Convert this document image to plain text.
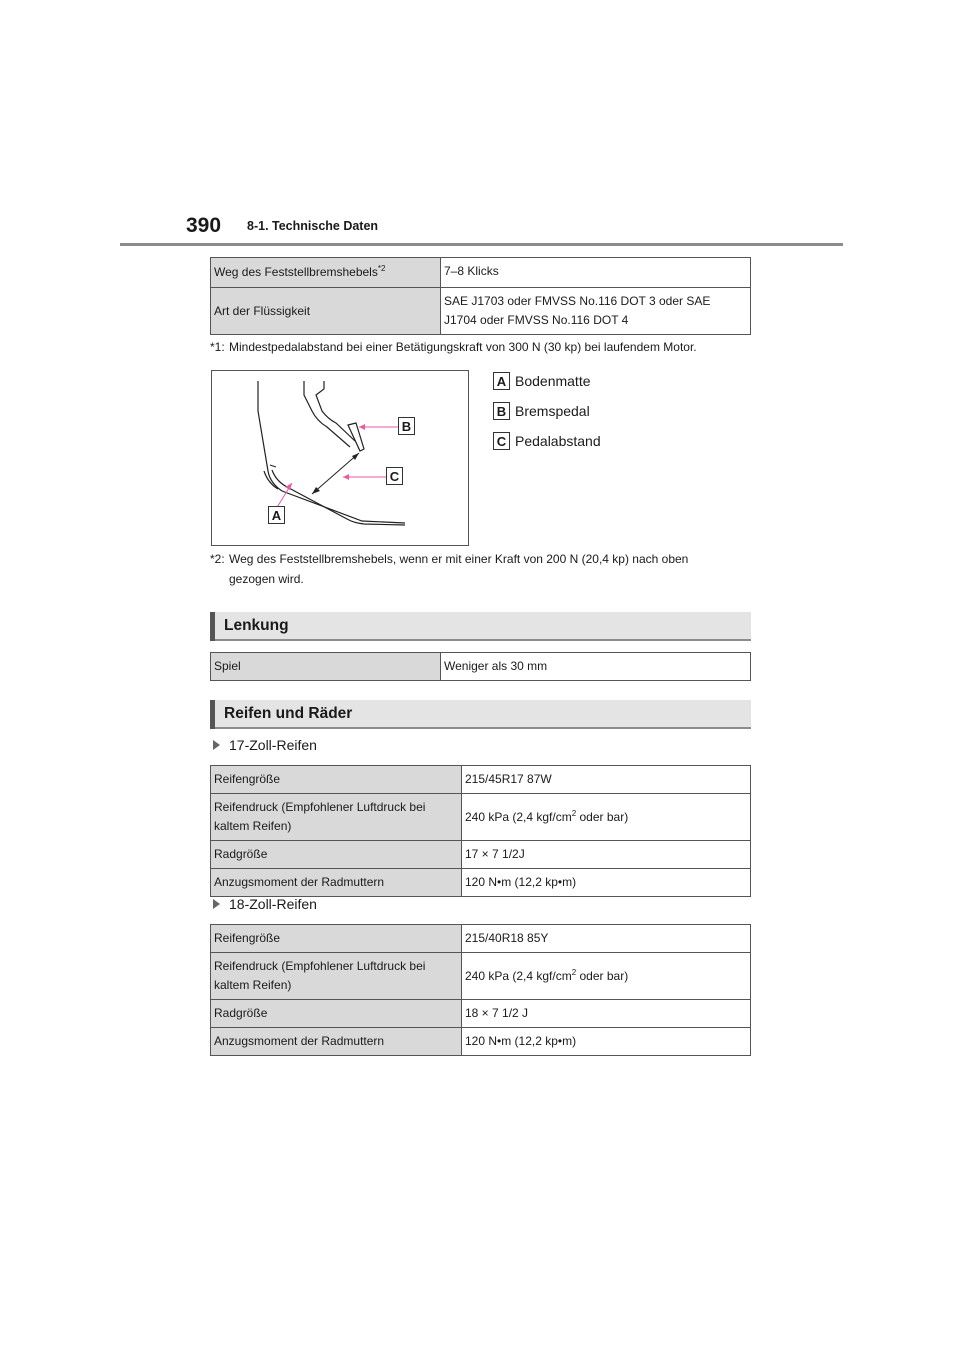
390 8-1. Technische Daten
Weg des Feststellbremshebels$^{*2}$	7–8 Klicks
Art der Flüssigkeit	SAE J1703 oder FMVSS No.116 DOT 3 oder SAE
J1704 oder FMVSS No.116 DOT 4
*1: Mindestpedalabstand bei einer Betätigungskraft von 300 N (30 kp) bei laufendem Motor.
B
C
A
A Bodenmatte
B Bremspedal
C Pedalabstand
*2: Weg des Feststellbremshebels, wenn er mit einer Kraft von 200 N (20,4 kp) nach oben
gezogen wird.
Lenkung
Spiel	Weniger als 30 mm
Reifen und Räder
17-Zoll-Reifen
Reifengröße	215/45R17 87W
Reifendruck (Empfohlener Luftdruck bei
kaltem Reifen)	240 kPa (2,4 kgf/$cm^2$ oder bar)
Radgröße	17 × 7 1/2J
Anzugsmoment der Radmuttern	120 N•m (12,2 kp•m)
18-Zoll-Reifen
Reifengröße	215/40R18 85Y
Reifendruck (Empfohlener Luftdruck bei
kaltem Reifen)	240 kPa (2,4 kgf/$cm^2$ oder bar)
Radgröße	18 × 7 1/2 J
Anzugsmoment der Radmuttern	120 N•m (12,2 kp•m)
